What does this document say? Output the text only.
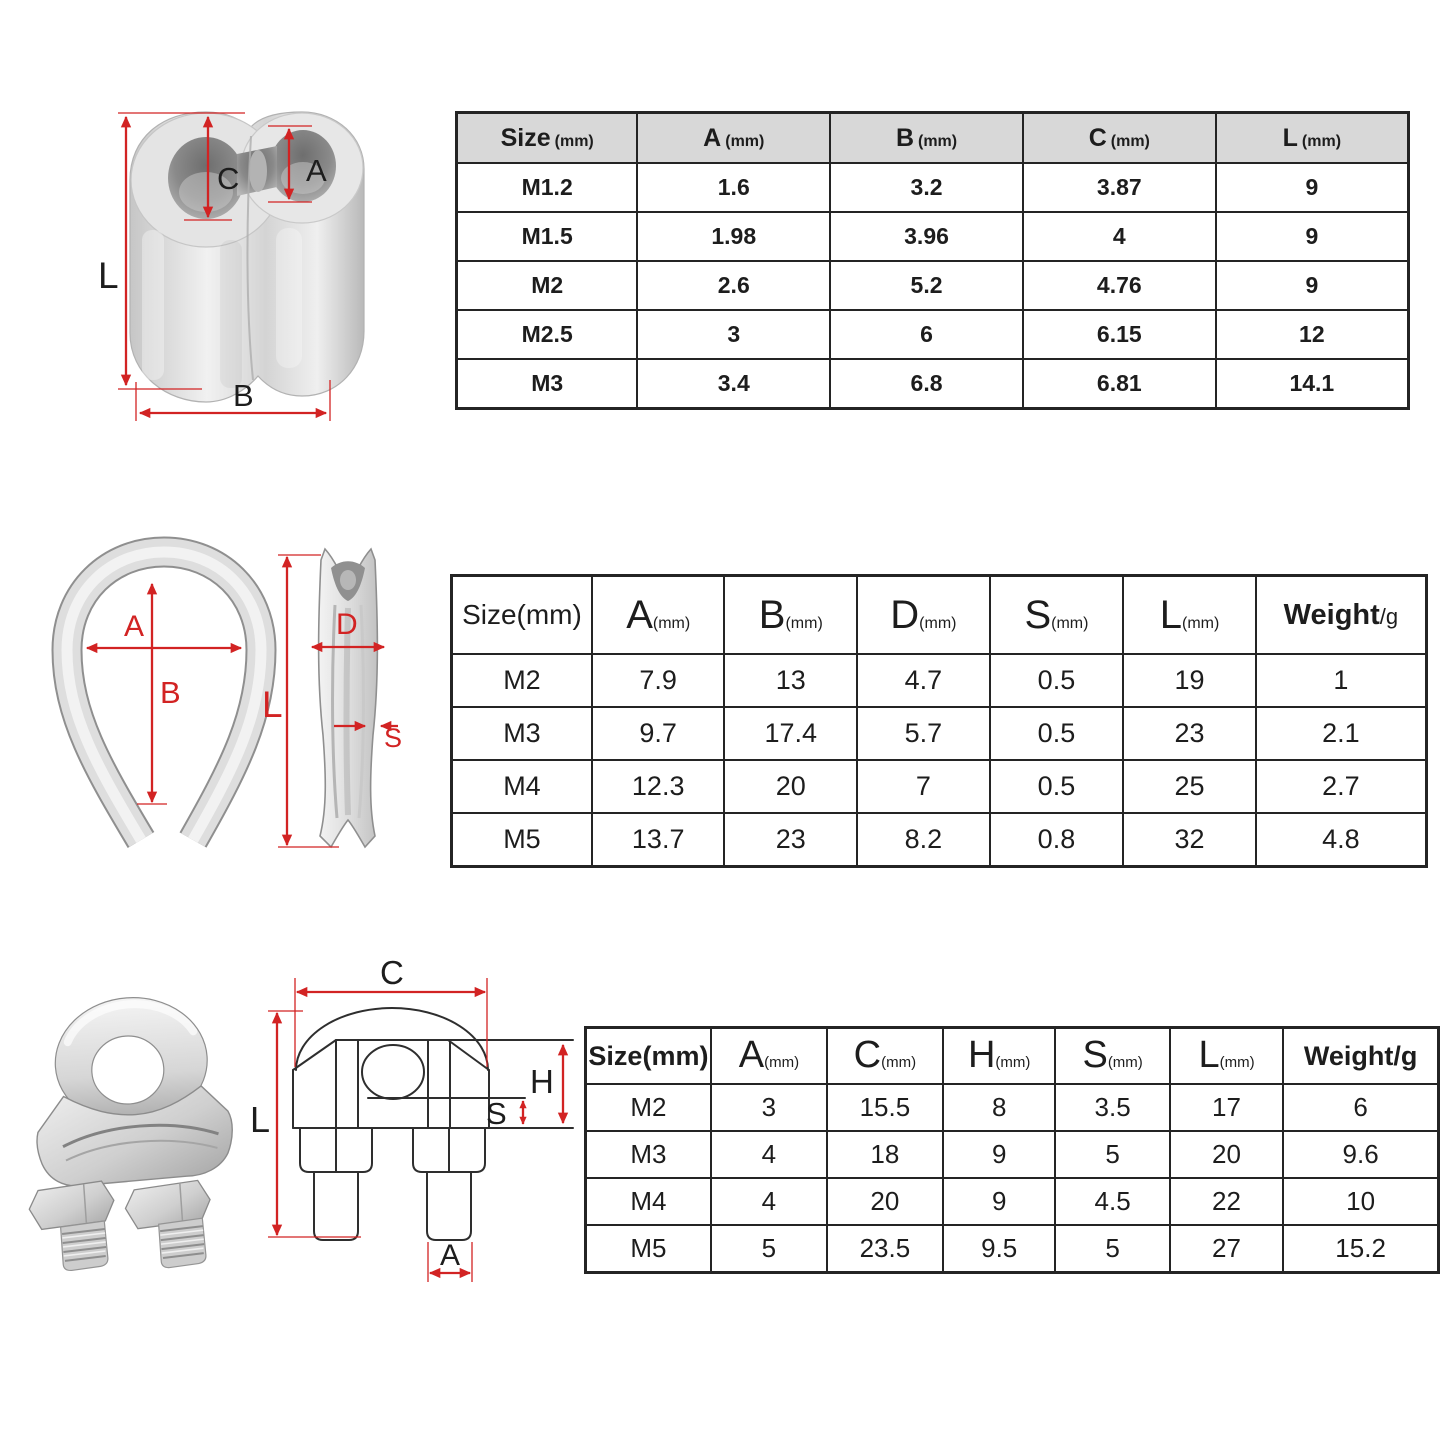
C A
L
B
A
B
D
L
S
C
L
H
S
A
Size (mm)	A (mm)	B (mm)	C (mm)	L (mm)
M1.2	1.6	3.2	3.87	9
M1.5	1.98	3.96	4	9
M2	2.6	5.2	4.76	9
M2.5	3	6	6.15	12
M3	3.4	6.8	6.81	14.1
Size(mm)	A(mm)	B(mm)	D(mm)	S(mm)	L(mm)	Weight/g
M2	7.9	13	4.7	0.5	19	1
M3	9.7	17.4	5.7	0.5	23	2.1
M4	12.3	20	7	0.5	25	2.7
M5	13.7	23	8.2	0.8	32	4.8
Size(mm)	A(mm)	C(mm)	H(mm)	S(mm)	L(mm)	Weight/g
M2	3	15.5	8	3.5	17	6
M3	4	18	9	5	20	9.6
M4	4	20	9	4.5	22	10
M5	5	23.5	9.5	5	27	15.2
